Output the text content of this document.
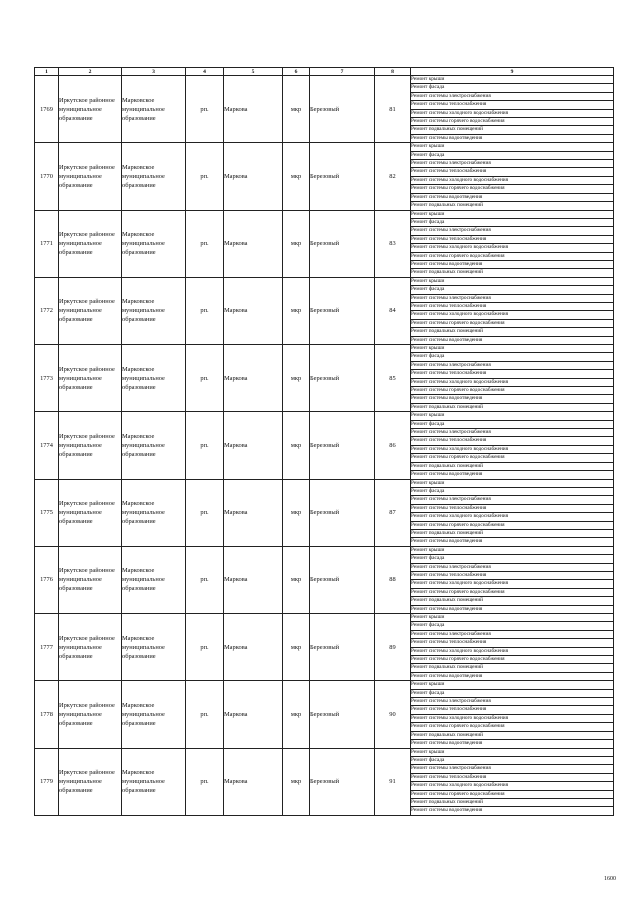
1	2	3	4	5	6	7	8	9
1769	Иркутское районное муниципальное образование	Марковское муниципальное образование	рп.	Маркова	мкр	Березовый	81	Ремонт крыши
								Ремонт фасада
								Ремонт системы электроснабжения
								Ремонт системы теплоснабжения
								Ремонт системы холодного водоснабжения
								Ремонт системы горячего водоснабжения
								Ремонт подвальных помещений
								Ремонт системы водоотведения
1770	Иркутское районное муниципальное образование	Марковское муниципальное образование	рп.	Маркова	мкр	Березовый	82	Ремонт крыши
								Ремонт фасада
								Ремонт системы электроснабжения
								Ремонт системы теплоснабжения
								Ремонт системы холодного водоснабжения
								Ремонт системы горячего водоснабжения
								Ремонт системы водоотведения
								Ремонт подвальных помещений
1771	Иркутское районное муниципальное образование	Марковское муниципальное образование	рп.	Маркова	мкр	Березовый	83	Ремонт крыши
								Ремонт фасада
								Ремонт системы электроснабжения
								Ремонт системы теплоснабжения
								Ремонт системы холодного водоснабжения
								Ремонт системы горячего водоснабжения
								Ремонт системы водоотведения
								Ремонт подвальных помещений
1772	Иркутское районное муниципальное образование	Марковское муниципальное образование	рп.	Маркова	мкр	Березовый	84	Ремонт крыши
								Ремонт фасада
								Ремонт системы электроснабжения
								Ремонт системы теплоснабжения
								Ремонт системы холодного водоснабжения
								Ремонт системы горячего водоснабжения
								Ремонт подвальных помещений
								Ремонт системы водоотведения
1773	Иркутское районное муниципальное образование	Марковское муниципальное образование	рп.	Маркова	мкр	Березовый	85	Ремонт крыши
								Ремонт фасада
								Ремонт системы электроснабжения
								Ремонт системы теплоснабжения
								Ремонт системы холодного водоснабжения
								Ремонт системы горячего водоснабжения
								Ремонт системы водоотведения
								Ремонт подвальных помещений
1774	Иркутское районное муниципальное образование	Марковское муниципальное образование	рп.	Маркова	мкр	Березовый	86	Ремонт крыши
								Ремонт фасада
								Ремонт системы электроснабжения
								Ремонт системы теплоснабжения
								Ремонт системы холодного водоснабжения
								Ремонт системы горячего водоснабжения
								Ремонт подвальных помещений
								Ремонт системы водоотведения
1775	Иркутское районное муниципальное образование	Марковское муниципальное образование	рп.	Маркова	мкр	Березовый	87	Ремонт крыши
								Ремонт фасада
								Ремонт системы электроснабжения
								Ремонт системы теплоснабжения
								Ремонт системы холодного водоснабжения
								Ремонт системы горячего водоснабжения
								Ремонт подвальных помещений
								Ремонт системы водоотведения
1776	Иркутское районное муниципальное образование	Марковское муниципальное образование	рп.	Маркова	мкр	Березовый	88	Ремонт крыши
								Ремонт фасада
								Ремонт системы электроснабжения
								Ремонт системы теплоснабжения
								Ремонт системы холодного водоснабжения
								Ремонт системы горячего водоснабжения
								Ремонт подвальных помещений
								Ремонт системы водоотведения
1777	Иркутское районное муниципальное образование	Марковское муниципальное образование	рп.	Маркова	мкр	Березовый	89	Ремонт крыши
								Ремонт фасада
								Ремонт системы электроснабжения
								Ремонт системы теплоснабжения
								Ремонт системы холодного водоснабжения
								Ремонт системы горячего водоснабжения
								Ремонт подвальных помещений
								Ремонт системы водоотведения
1778	Иркутское районное муниципальное образование	Марковское муниципальное образование	рп.	Маркова	мкр	Березовый	90	Ремонт крыши
								Ремонт фасада
								Ремонт системы электроснабжения
								Ремонт системы теплоснабжения
								Ремонт системы холодного водоснабжения
								Ремонт системы горячего водоснабжения
								Ремонт подвальных помещений
								Ремонт системы водоотведения
1779	Иркутское районное муниципальное образование	Марковское муниципальное образование	рп.	Маркова	мкр	Березовый	91	Ремонт крыши
								Ремонт фасада
								Ремонт системы электроснабжения
								Ремонт системы теплоснабжения
								Ремонт системы холодного водоснабжения
								Ремонт системы горячего водоснабжения
								Ремонт подвальных помещений
								Ремонт системы водоотведения
1600
